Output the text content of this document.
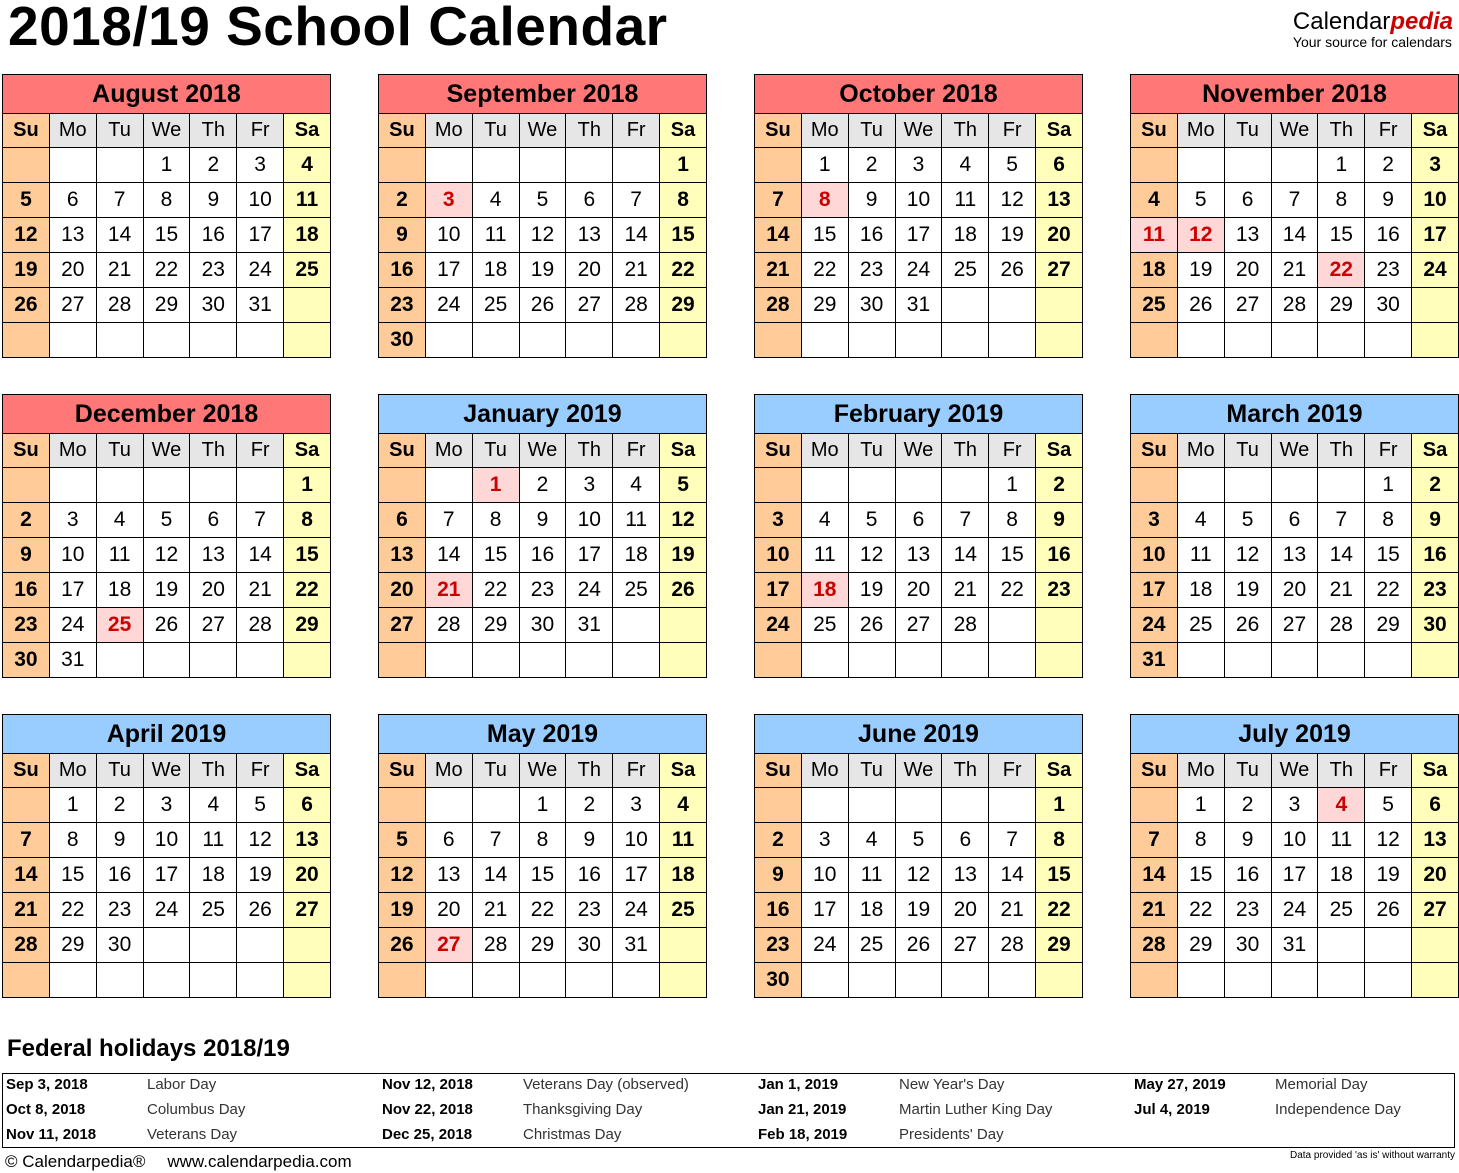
2018/19 School Calendar	Calendarpedia
Your source for calendars
August 2018						
Su	Mo	Tu	We	Th	Fr	Sa
			1	2	3	4
5	6	7	8	9	10	11
12	13	14	15	16	17	18
19	20	21	22	23	24	25
26	27	28	29	30	31	

September 2018						
Su	Mo	Tu	We	Th	Fr	Sa
						1
2	3	4	5	6	7	8
9	10	11	12	13	14	15
16	17	18	19	20	21	22
23	24	25	26	27	28	29
30						
October 2018						
Su	Mo	Tu	We	Th	Fr	Sa
	1	2	3	4	5	6
7	8	9	10	11	12	13
14	15	16	17	18	19	20
21	22	23	24	25	26	27
28	29	30	31			

November 2018						
Su	Mo	Tu	We	Th	Fr	Sa
				1	2	3
4	5	6	7	8	9	10
11	12	13	14	15	16	17
18	19	20	21	22	23	24
25	26	27	28	29	30	

December 2018						
Su	Mo	Tu	We	Th	Fr	Sa
						1
2	3	4	5	6	7	8
9	10	11	12	13	14	15
16	17	18	19	20	21	22
23	24	25	26	27	28	29
30	31					
January 2019						
Su	Mo	Tu	We	Th	Fr	Sa
		1	2	3	4	5
6	7	8	9	10	11	12
13	14	15	16	17	18	19
20	21	22	23	24	25	26
27	28	29	30	31		

February 2019						
Su	Mo	Tu	We	Th	Fr	Sa
					1	2
3	4	5	6	7	8	9
10	11	12	13	14	15	16
17	18	19	20	21	22	23
24	25	26	27	28		

March 2019						
Su	Mo	Tu	We	Th	Fr	Sa
					1	2
3	4	5	6	7	8	9
10	11	12	13	14	15	16
17	18	19	20	21	22	23
24	25	26	27	28	29	30
31						
April 2019						
Su	Mo	Tu	We	Th	Fr	Sa
	1	2	3	4	5	6
7	8	9	10	11	12	13
14	15	16	17	18	19	20
21	22	23	24	25	26	27
28	29	30				

May 2019						
Su	Mo	Tu	We	Th	Fr	Sa
			1	2	3	4
5	6	7	8	9	10	11
12	13	14	15	16	17	18
19	20	21	22	23	24	25
26	27	28	29	30	31	

June 2019						
Su	Mo	Tu	We	Th	Fr	Sa
						1
2	3	4	5	6	7	8
9	10	11	12	13	14	15
16	17	18	19	20	21	22
23	24	25	26	27	28	29
30						
July 2019						
Su	Mo	Tu	We	Th	Fr	Sa
	1	2	3	4	5	6
7	8	9	10	11	12	13
14	15	16	17	18	19	20
21	22	23	24	25	26	27
28	29	30	31			

Federal holidays 2018/19
Sep 3, 2018	Labor Day
Oct 8, 2018	Columbus Day
Nov 11, 2018	Veterans Day
Nov 12, 2018	Veterans Day (observed)
Nov 22, 2018	Thanksgiving Day
Dec 25, 2018	Christmas Day
Jan 1, 2019	New Year's Day
Jan 21, 2019	Martin Luther King Day
Feb 18, 2019	Presidents' Day
May 27, 2019	Memorial Day
Jul 4, 2019	Independence Day
© Calendarpedia® www.calendarpedia.com	Data provided 'as is' without warranty
